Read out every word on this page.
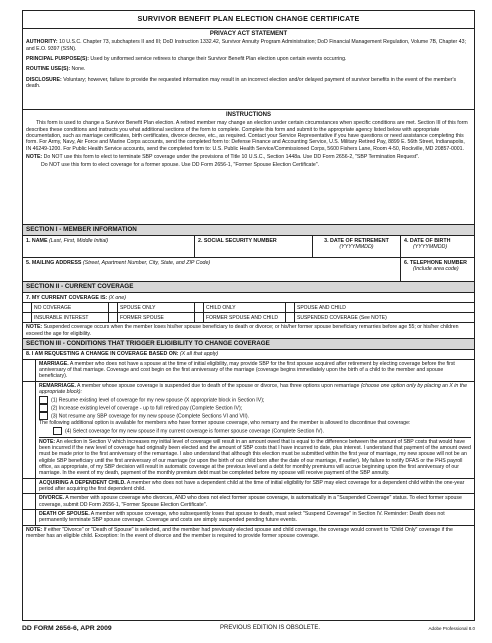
SURVIVOR BENEFIT PLAN ELECTION CHANGE CERTIFICATE
PRIVACY ACT STATEMENT
AUTHORITY: 10 U.S.C. Chapter 73, subchapters II and III; DoD Instruction 1332.42, Survivor Annuity Program Administration; DoD Financial Management Regulation, Volume 7B, Chapter 43; and E.O. 9397 (SSN).
PRINCIPAL PURPOSE(S): Used by uniformed service retirees to change their Survivor Benefit Plan election upon certain events occurring.
ROUTINE USE(S): None.
DISCLOSURE: Voluntary; however, failure to provide the requested information may result in an incorrect election and/or delayed payment of survivor benefits in the event of the member's death.
INSTRUCTIONS
This form is used to change a Survivor Benefit Plan election. A retired member may change an election under certain circumstances when specific conditions are met. Section III of this form describes these conditions and instructs you what additional sections of the form to complete. Complete this form and submit to the appropriate agency listed below with appropriate documentation, such as marriage certificates, birth certificates, divorce decree, etc., as required. Contact your Service Representative if you have questions or need assistance completing this form. For Army, Navy, Air Force and Marine Corps accounts, send the completed form to: Defense Finance and Accounting Service, U.S. Military Retired Pay, 8899 E. 56th Street, Indianapolis, IN 46249-1200. For Public Health Service accounts, send the completed form to: U.S. Public Health Service/Commissioned Corps, 5600 Fishers Lane, Room 4-50, Rockville, MD 20857-0001.
NOTE: Do NOT use this form to elect to terminate SBP coverage under the provisions of Title 10 U.S.C., Section 1448a. Use DD Form 2656-2, "SBP Termination Request".
Do NOT use this form to elect coverage for a former spouse. Use DD Form 2656-1, "Former Spouse Election Certificate".
SECTION I - MEMBER INFORMATION
1. NAME (Last, First, Middle Initial)	2. SOCIAL SECURITY NUMBER	3. DATE OF RETIREMENT
(YYYYMMDD)
4. DATE OF BIRTH
(YYYYMMDD)
5. MAILING ADDRESS (Street, Apartment Number, City, State, and ZIP Code)	6. TELEPHONE NUMBER
(Include area code)
SECTION II - CURRENT COVERAGE
7. MY CURRENT COVERAGE IS: (X one)
NO COVERAGE	SPOUSE ONLY	CHILD ONLY	SPOUSE AND CHILD
INSURABLE INTEREST	FORMER SPOUSE	FORMER SPOUSE AND CHILD	SUSPENDED COVERAGE (See NOTE)
NOTE: Suspended coverage occurs when the member loses his/her spouse beneficiary to death or divorce; or his/her former spouse beneficiary remarries before age 55; or his/her children exceed the age for eligibility.
SECTION III - CONDITIONS THAT TRIGGER ELIGIBILITY TO CHANGE COVERAGE
8. I AM REQUESTING A CHANGE IN COVERAGE BASED ON: (X all that apply)
MARRIAGE. A member who does not have a spouse at the time of initial eligibility, may provide SBP for the first spouse acquired after retirement by electing coverage before the first anniversary of that marriage. Coverage and cost begin on the first anniversary of the marriage (coverage begins immediately upon the birth of a child to the member and spouse beneficiary).
REMARRIAGE. A member whose spouse coverage is suspended due to death of the spouse or divorce, has three options upon remarriage (choose one option only by placing an X in the appropriate block):
(1) Resume existing level of coverage for my new spouse (X appropriate block in Section IV);
(2) Increase existing level of coverage - up to full retired pay (Complete Section IV);
(3) Not resume any SBP coverage for my new spouse (Complete Sections VI and VII).
The following additional option is available for members who have former spouse coverage, who remarry and the member is allowed to discontinue that coverage:
(4) Select coverage for my new spouse if my current coverage is former spouse coverage (Complete Section IV).
NOTE: An election in Section V which increases my initial level of coverage will result in an amount owed that is equal to the difference between the amount of SBP costs that would have been incurred if the new level of coverage had originally been elected and the amount of SBP costs that I have incurred to date, plus interest. I understand that payment of the amount owed must be made prior to the first anniversary of the remarriage. I also understand that although this election must be submitted within the first year of marriage, my new spouse will not be an eligible SBP beneficiary until the first anniversary of our marriage (or upon the birth of our child born after the date of our marriage, if earlier). My failure to notify DFAS or the PHS payroll office, as appropriate, of my SBP decision will result in automatic coverage at the previous level and a debt for monthly premiums will accrue beginning upon the first anniversary of our marriage. In the event of my death, payment of the monthly premium debt must be completed before my spouse will receive payment of the SBP annuity.
ACQUIRING A DEPENDENT CHILD. A member who does not have a dependent child at the time of initial eligibility for SBP may elect coverage for a dependent child within the one-year period after acquiring the first dependent child.
DIVORCE. A member with spouse coverage who divorces, AND who does not elect former spouse coverage, is automatically in a "Suspended Coverage" status. To elect former spouse coverage, submit DD Form 2656-1, "Former Spouse Election Certificate".
DEATH OF SPOUSE. A member with spouse coverage, who subsequently loses that spouse to death, must select "Suspend Coverage" in Section IV. Reminder: Death does not permanently terminate SBP spouse coverage. Coverage and costs are simply suspended pending future events.
NOTE: If either "Divorce" or "Death of Spouse" is selected, and the member had previously elected spouse and child coverage, the coverage would convert to "Child Only" coverage if the member has an eligible child. Exception: In the event of divorce and the member is required to provide former spouse coverage.
DD FORM 2656-6, APR 2009	PREVIOUS EDITION IS OBSOLETE.	Adobe Professional 8.0
